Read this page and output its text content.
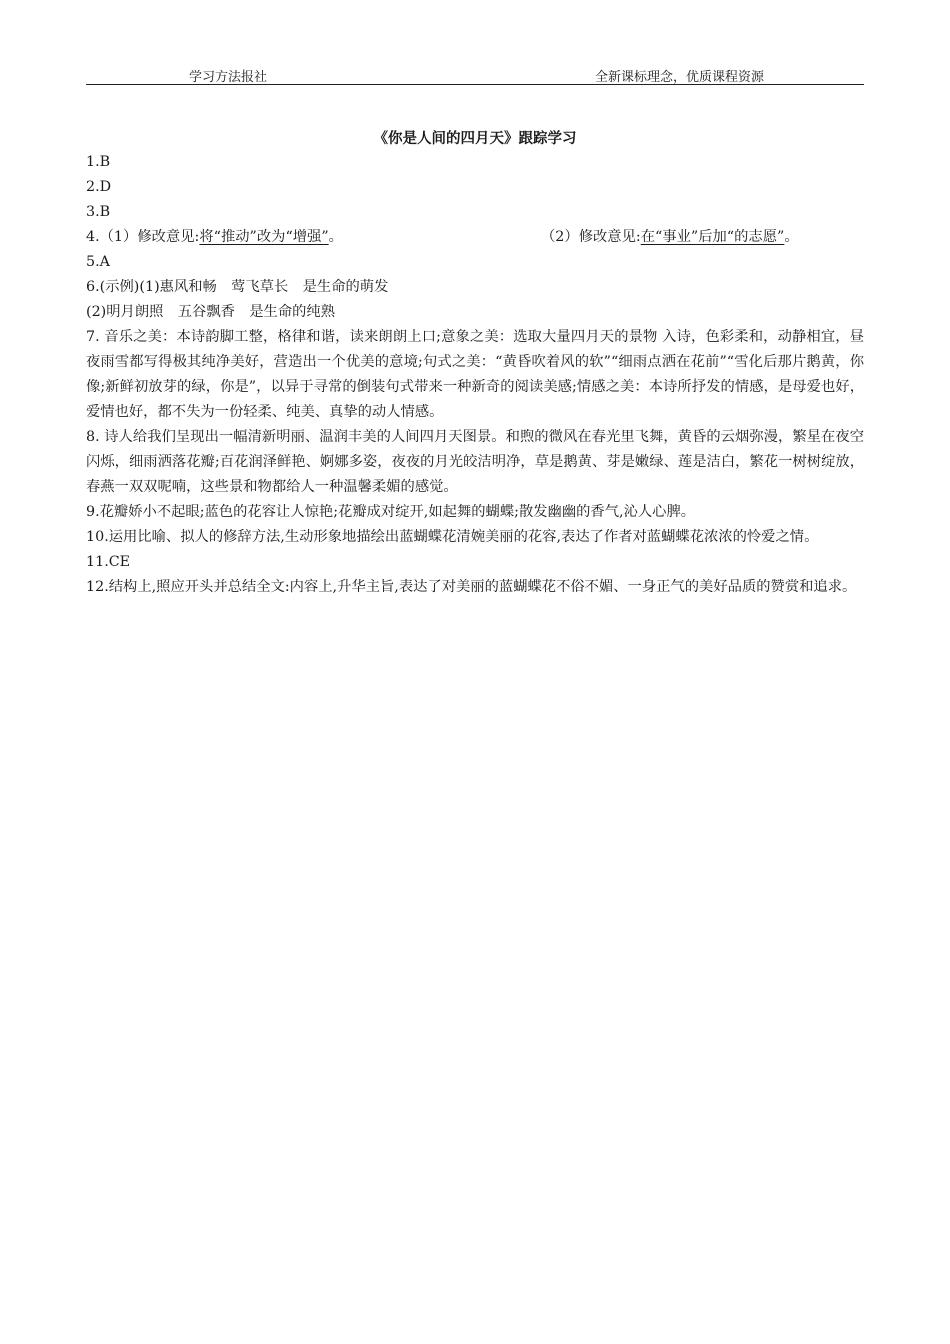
学习方法报社	全新课标理念，优质课程资源
《你是人间的四月天》跟踪学习
1.B
2.D
3.B
4.（1）修改意见:将“推动”改为“增强”。	（2）修改意见:在“事业”后加“的志愿”。
5.A
6.(示例)(1)惠风和畅　莺飞草长　是生命的萌发
(2)明月朗照　五谷飘香　是生命的纯熟
7. 音乐之美：本诗韵脚工整，格律和谐，读来朗朗上口;意象之美：选取大量四月天的景物 入诗，色彩柔和，动静相宜，昼夜雨雪都写得极其纯净美好，营造出一个优美的意境;句式之美：“黄昏吹着风的软”“细雨点洒在花前”“雪化后那片鹅黄，你像;新鲜初放芽的绿，你是”，以异于寻常的倒装句式带来一种新奇的阅读美感;情感之美：本诗所抒发的情感，是母爱也好，爱情也好，都不失为一份轻柔、纯美、真挚的动人情感。
8. 诗人给我们呈现出一幅清新明丽、温润丰美的人间四月天图景。和煦的微风在春光里飞舞，黄昏的云烟弥漫，繁星在夜空闪烁，细雨洒落花瓣;百花润泽鲜艳、婀娜多姿，夜夜的月光皎洁明净，草是鹅黄、芽是嫩绿、莲是洁白，繁花一树树绽放，春燕一双双呢喃，这些景和物都给人一种温馨柔媚的感觉。
9.花瓣娇小不起眼;蓝色的花容让人惊艳;花瓣成对绽开,如起舞的蝴蝶;散发幽幽的香气,沁人心脾。
10.运用比喻、拟人的修辞方法,生动形象地描绘出蓝蝴蝶花清婉美丽的花容,表达了作者对蓝蝴蝶花浓浓的怜爱之情。
11.CE
12.结构上,照应开头并总结全文:内容上,升华主旨,表达了对美丽的蓝蝴蝶花不俗不媚、一身正气的美好品质的赞赏和追求。
